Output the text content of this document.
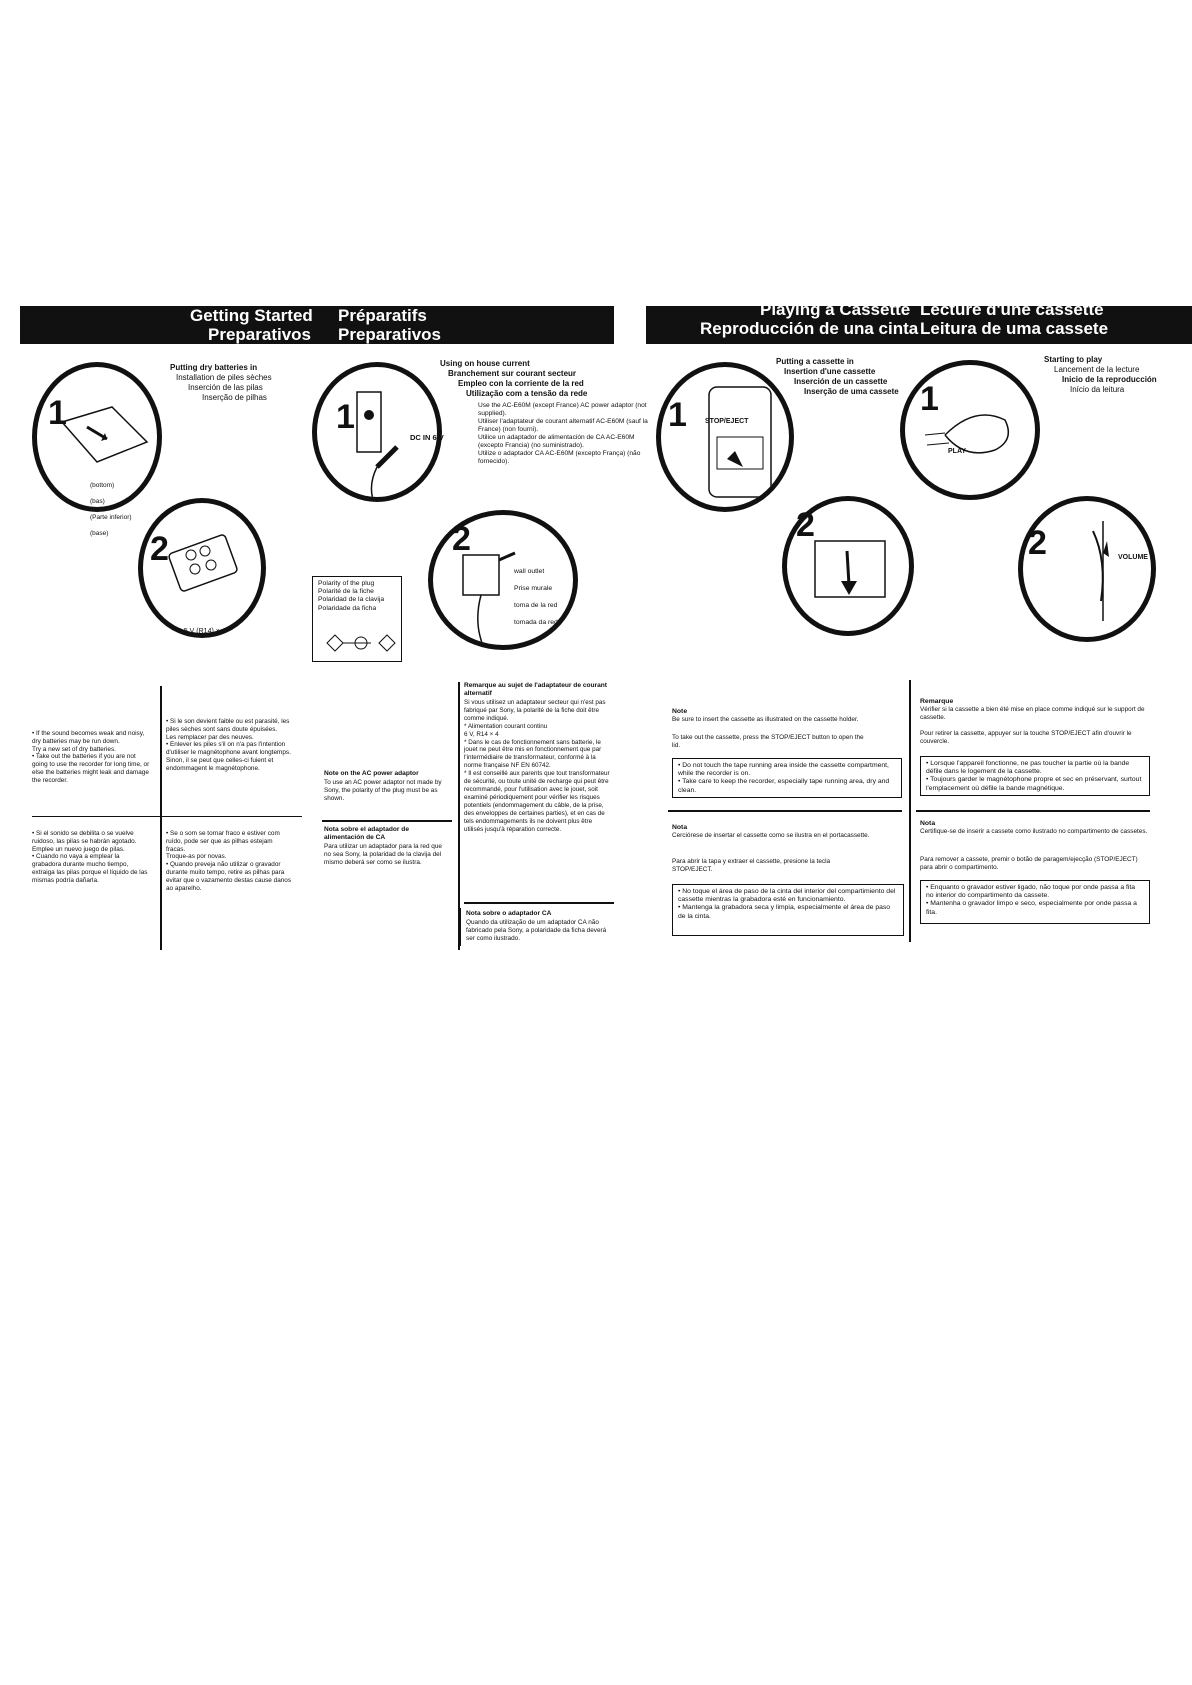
Getting Started
Preparativos
Préparatifs
Preparativos
Putting dry batteries in
Installation de piles sèches
Inserción de las pilas
Inserção de pilhas
1

(bottom)

(bas)

(Parte inferior)

(base)	2
1.5 V (R14) × 4
Using on house current
Branchement sur courant secteur
Empleo con la corriente de la red
Utilização com a tensão da rede
Use the AC-E60M (except France) AC power adaptor (not supplied).
Utiliser l'adaptateur de courant alternatif AC-E60M (sauf la France) (non fourni).
Utilice un adaptador de alimentación de CA AC-E60M (excepto Francia) (no suministrado).
Utilize o adaptador CA AC-E60M (excepto França) (não fornecido).
1
DC IN 6 V
2

wall outlet

Prise murale

toma de la red

tomada da rede

Polarity of the plug
Polarité de la fiche
Polaridad de la clavija
Polaridade da ficha
• If the sound becomes weak and noisy, dry batteries may be run down.
Try a new set of dry batteries.
• Take out the batteries if you are not going to use the recorder for long time, or else the batteries might leak and damage the recorder.
• Si le son devient faible ou est parasité, les piles sèches sont sans doute épuisées.
Les remplacer par des neuves.
• Enlever les piles s'il on n'a pas l'intention d'utiliser le magnétophone avant longtemps. Sinon, il se peut que celles-ci fuient et endommagent le magnétophone.
• Si el sonido se debilita o se vuelve ruidoso, las pilas se habrán agotado.
Emplee un nuevo juego de pilas.
• Cuando no vaya a emplear la grabadora durante mucho tiempo, extraiga las pilas porque el líquido de las mismas podría dañarla.
• Se o som se tornar fraco e estiver com ruído, pode ser que as pilhas estejam fracas.
Troque-as por novas.
• Quando preveja não utilizar o gravador durante muito tempo, retire as pilhas para evitar que o vazamento destas cause danos ao aparelho.
Note on the AC power adaptor
To use an AC power adaptor not made by Sony, the polarity of the plug must be as shown.
Nota sobre el adaptador de alimentación de CA
Para utilizar un adaptador para la red que no sea Sony, la polaridad de la clavija del mismo deberá ser como se ilustra.
Remarque au sujet de l'adaptateur de courant alternatif
Si vous utilisez un adaptateur secteur qui n'est pas fabriqué par Sony, la polarité de la fiche doit être comme indiqué.
* Alimentation courant continu
6 V, R14 × 4
* Dans le cas de fonctionnement sans batterie, le jouet ne peut être mis en fonctionnement que par l'intermédiaire de transformateur, conformé à la norme française NF EN 60742.
* Il est conseillé aux parents que tout transformateur de sécurité, ou toute unité de recharge qui peut être recommandé, pour l'utilisation avec le jouet, soit examiné périodiquement pour vérifier les risques potentiels (endommagement du câble, de la prise, des enveloppes de certaines parties), et en cas de tels endommagements ils ne doivent plus être utilisés jusqu'à réparation correcte.
Nota sobre o adaptador CA
Quando da utilização de um adaptador CA não fabricado pela Sony, a polaridade da ficha deverá ser como ilustrado.
Playing a Cassette
Reproducción de una cinta
Lecture d'une cassette
Leitura de uma cassete
Putting a cassette in
Insertion d'une cassette
Inserción de un cassette
Inserção de uma cassete
1	STOP/EJECT
2
Starting to play
Lancement de la lecture
Inicio de la reproducción
Início da leitura
1
PLAY
2	VOLUME
Note
Be sure to insert the cassette as illustrated on the cassette holder.
To take out the cassette, press the STOP/EJECT button to open the lid.
• Do not touch the tape running area inside the cassette compartment, while the recorder is on.
• Take care to keep the recorder, especially tape running area, dry and clean.
Remarque
Vérifier si la cassette a bien été mise en place comme indiqué sur le support de cassette.
Pour retirer la cassette, appuyer sur la touche STOP/EJECT afin d'ouvrir le couvercle.
• Lorsque l'appareil fonctionne, ne pas toucher la partie où la bande défile dans le logement de la cassette.
• Toujours garder le magnétophone propre et sec en préservant, surtout l'emplacement où défile la bande magnétique.
Nota
Cerciórese de insertar el cassette como se ilustra en el portacassette.
Para abrir la tapa y extraer el cassette, presione la tecla STOP/EJECT.
• No toque el área de paso de la cinta del interior del compartimiento del cassette mientras la grabadora esté en funcionamiento.
• Mantenga la grabadora seca y limpia, especialmente el área de paso de la cinta.
Nota
Certifique-se de inserir a cassete como ilustrado no compartimento de cassetes.
Para remover a cassete, premir o botão de paragem/ejecção (STOP/EJECT) para abrir o compartimento.
• Enquanto o gravador estiver ligado, não toque por onde passa a fita no interior do compartimento da cassete.
• Mantenha o gravador limpo e seco, especialmente por onde passa a fita.
